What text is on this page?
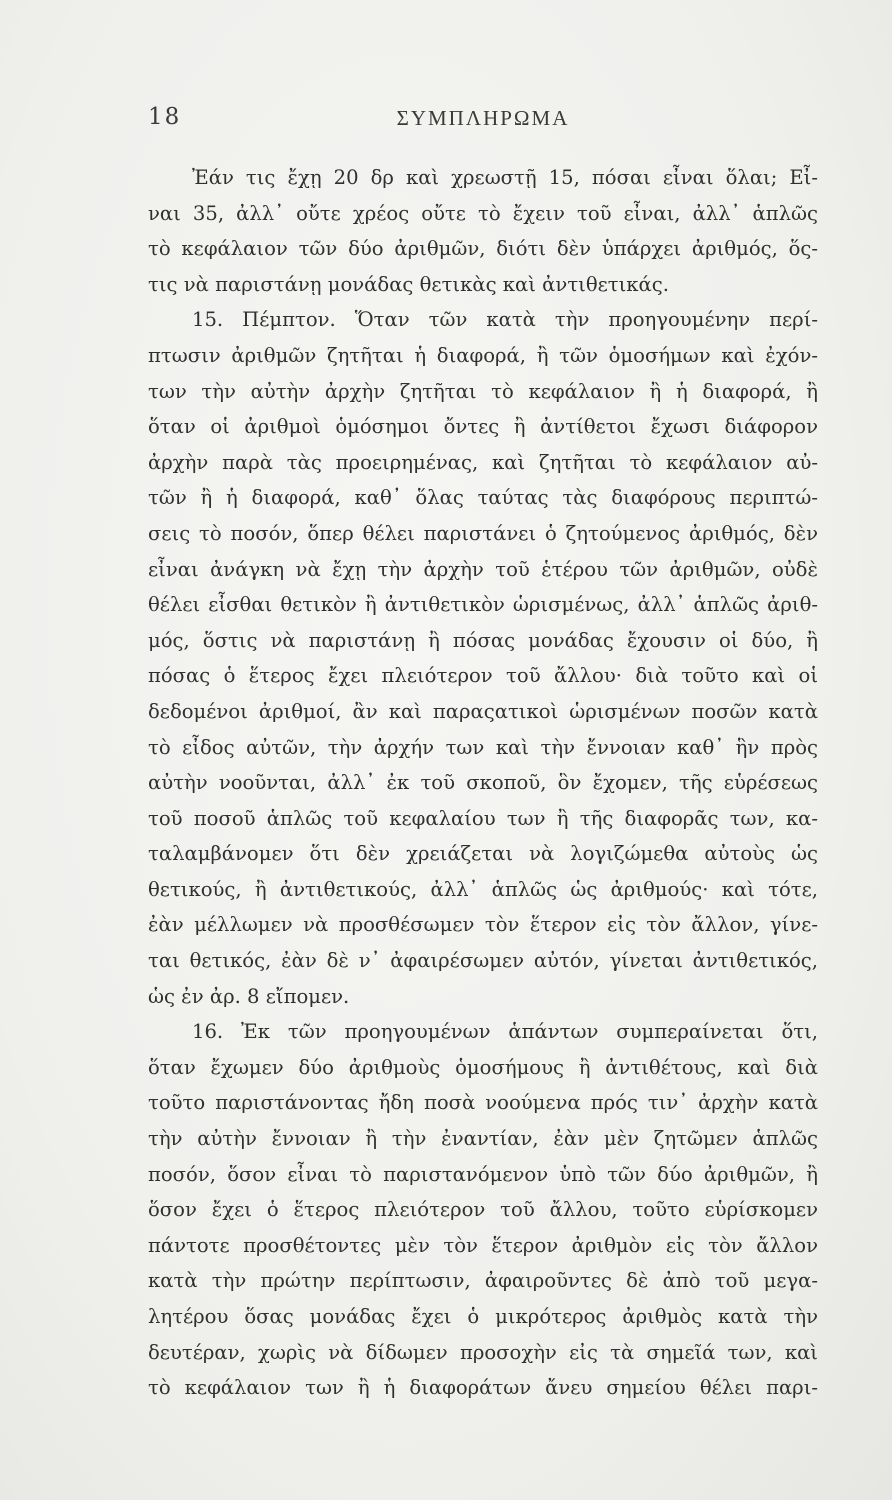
18	ΣΥΜΠΛΗΡΩΜΑ
Ἐάν τις ἔχῃ 20 δρ καὶ χρεωστῇ 15, πόσαι εἶναι ὅλαι; Εἶ-
ναι 35, ἀλλ᾽ οὔτε χρέος οὔτε τὸ ἔχειν τοῦ εἶναι, ἀλλ᾽ ἁπλῶς
τὸ κεφάλαιον τῶν δύο ἀριθμῶν, διότι δὲν ὑπάρχει ἀριθμός, ὅς-
τις νὰ παριστάνῃ μονάδας θετικὰς καὶ ἀντιθετικάς.
15. Πέμπτον. Ὅταν τῶν κατὰ τὴν προηγουμένην περί-
πτωσιν ἀριθμῶν ζητῆται ἡ διαφορά, ἢ τῶν ὁμοσήμων καὶ ἐχόν-
των τὴν αὐτὴν ἀρχὴν ζητῆται τὸ κεφάλαιον ἢ ἡ διαφορά, ἢ
ὅταν οἱ ἀριθμοὶ ὁμόσημοι ὄντες ἢ ἀντίθετοι ἔχωσι διάφορον
ἀρχὴν παρὰ τὰς προειρημένας, καὶ ζητῆται τὸ κεφάλαιον αὐ-
τῶν ἢ ἡ διαφορά, καθ᾽ ὅλας ταύτας τὰς διαφόρους περιπτώ-
σεις τὸ ποσόν, ὅπερ θέλει παριστάνει ὁ ζητούμενος ἀριθμός, δὲν
εἶναι ἀνάγκη νὰ ἔχῃ τὴν ἀρχὴν τοῦ ἑτέρου τῶν ἀριθμῶν, οὐδὲ
θέλει εἶσθαι θετικὸν ἢ ἀντιθετικὸν ὡρισμένως, ἀλλ᾽ ἁπλῶς ἀριθ-
μός, ὅστις νὰ παριστάνῃ ἢ πόσας μονάδας ἔχουσιν οἱ δύο, ἢ
πόσας ὁ ἕτερος ἔχει πλειότερον τοῦ ἄλλου· διὰ τοῦτο καὶ οἱ
δεδομένοι ἀριθμοί, ἂν καὶ παραςατικοὶ ὡρισμένων ποσῶν κατὰ
τὸ εἶδος αὐτῶν, τὴν ἀρχήν των καὶ τὴν ἔννοιαν καθ᾽ ἣν πρὸς
αὐτὴν νοοῦνται, ἀλλ᾽ ἐκ τοῦ σκοποῦ, ὃν ἔχομεν, τῆς εὑρέσεως
τοῦ ποσοῦ ἁπλῶς τοῦ κεφαλαίου των ἢ τῆς διαφορᾶς των, κα-
ταλαμβάνομεν ὅτι δὲν χρειάζεται νὰ λογιζώμεθα αὐτοὺς ὡς
θετικούς, ἢ ἀντιθετικούς, ἀλλ᾽ ἁπλῶς ὡς ἀριθμούς· καὶ τότε,
ἐὰν μέλλωμεν νὰ προσθέσωμεν τὸν ἕτερον εἰς τὸν ἄλλον, γίνε-
ται θετικός, ἐὰν δὲ ν᾽ ἀφαιρέσωμεν αὐτόν, γίνεται ἀντιθετικός,
ὡς ἐν ἀρ. 8 εἴπομεν.
16. Ἐκ τῶν προηγουμένων ἁπάντων συμπεραίνεται ὅτι,
ὅταν ἔχωμεν δύο ἀριθμοὺς ὁμοσήμους ἢ ἀντιθέτους, καὶ διὰ
τοῦτο παριστάνοντας ἤδη ποσὰ νοούμενα πρός τιν᾽ ἀρχὴν κατὰ
τὴν αὐτὴν ἔννοιαν ἢ τὴν ἐναντίαν, ἐὰν μὲν ζητῶμεν ἁπλῶς
ποσόν, ὅσον εἶναι τὸ παριστανόμενον ὑπὸ τῶν δύο ἀριθμῶν, ἢ
ὅσον ἔχει ὁ ἕτερος πλειότερον τοῦ ἄλλου, τοῦτο εὑρίσκομεν
πάντοτε προσθέτοντες μὲν τὸν ἕτερον ἀριθμὸν εἰς τὸν ἄλλον
κατὰ τὴν πρώτην περίπτωσιν, ἀφαιροῦντες δὲ ἀπὸ τοῦ μεγα-
λητέρου ὅσας μονάδας ἔχει ὁ μικρότερος ἀριθμὸς κατὰ τὴν
δευτέραν, χωρὶς νὰ δίδωμεν προσοχὴν εἰς τὰ σημεῖά των, καὶ
τὸ κεφάλαιον των ἢ ἡ διαφοράτων ἄνευ σημείου θέλει παρι-
